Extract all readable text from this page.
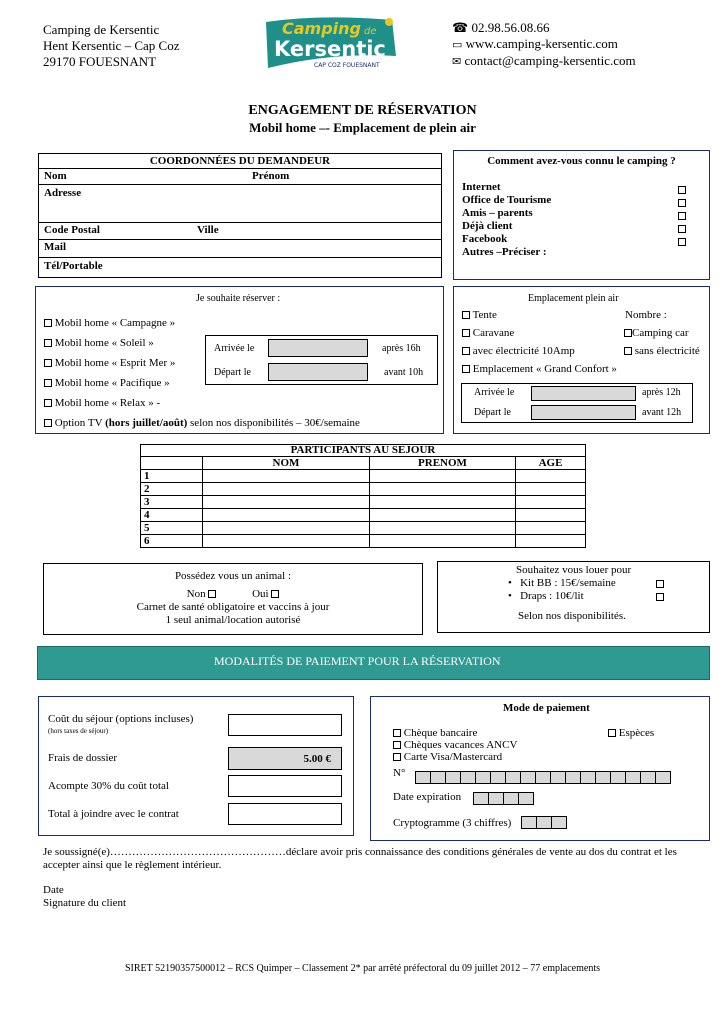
Camping de Kersentic
Hent Kersentic – Cap Coz
29170 FOUESNANT
Camping de
Kersentic
CAP COZ FOUESNANT
☎ 02.98.56.08.66
▭ www.camping-kersentic.com
✉ contact@camping-kersentic.com
ENGAGEMENT DE RÉSERVATION
Mobil home –- Emplacement de plein air
COORDONNÉES DU DEMANDEUR
Nom	Prénom
Adresse
Code Postal	Ville
Mail
Tél/Portable
Comment avez-vous connu le camping ?
Internet
Office de Tourisme
Amis – parents
Déjà client
Facebook
Autres –Préciser :
Je souhaite réserver :
Mobil home « Campagne »
Mobil home « Soleil »
Mobil home « Esprit Mer »
Mobil home « Pacifique »
Mobil home « Relax » -
Option TV (hors juillet/août) selon nos disponibilités – 30€/semaine
Arrivée le	après 16h
Départ le	avant 10h
Emplacement plein air
Tente	Nombre :
Caravane	Camping car
avec électricité 10Amp	sans électricité
Emplacement « Grand Confort »
Arrivée le	après 12h
Départ le	avant 12h
PARTICIPANTS AU SEJOUR
	NOM	PRENOM	AGE
1			
2			
3			
4			
5			
6			
Possédez vous un animal :
Non	Oui
Carnet de santé obligatoire et vaccins à jour
1 seul animal/location autorisé
Souhaitez vous louer pour
•   Kit BB : 15€/semaine
•   Draps : 10€/lit
Selon nos disponibilités.
MODALITÉS DE PAIEMENT POUR LA RÉSERVATION
Coût du séjour (options incluses)
(hors taxes de séjour)
Frais de dossier	5.00 €
Acompte 30% du coût total
Total à joindre avec le contrat
Mode de paiement
Chèque bancaire
Chèques vacances ANCV
Carte Visa/Mastercard
Espèces
N°
Date expiration
Cryptogramme (3 chiffres)
Je soussigné(e)…………………………………………déclare avoir pris connaissance des conditions générales de vente au dos du contrat et les accepter ainsi que le règlement intérieur.
Date
Signature du client
SIRET 52190357500012 – RCS Quimper – Classement 2* par arrêté préfectoral du 09 juillet 2012 – 77 emplacements
